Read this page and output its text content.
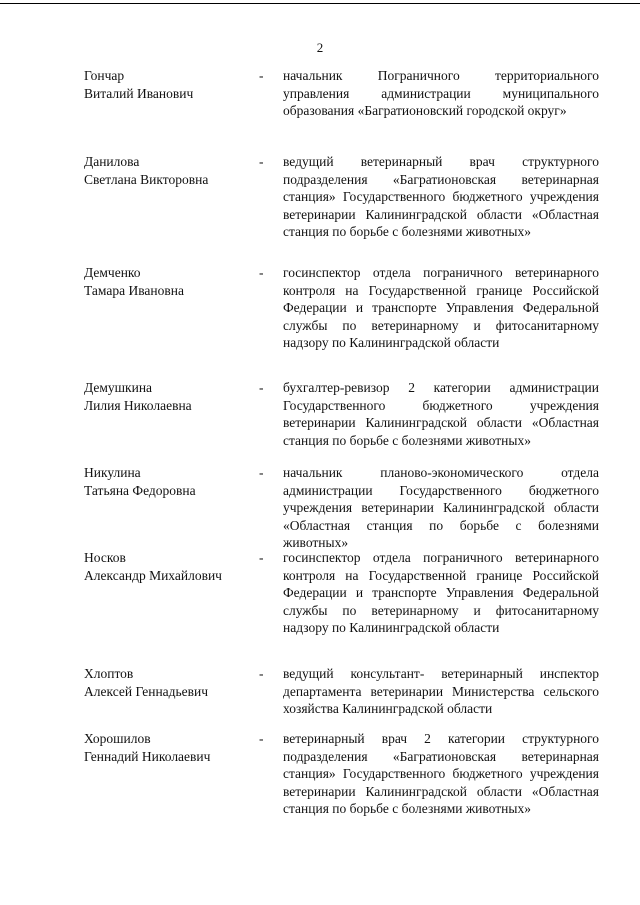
2
Гончар
Виталий Иванович
- начальник Пограничного территориального управления администрации муниципального образования «Багратионовский городской округ»
Данилова
Светлана Викторовна
- ведущий ветеринарный врач структурного подразделения «Багратионовская ветеринарная станция» Государственного бюджетного учреждения ветеринарии Калининградской области «Областная станция по борьбе с болезнями животных»
Демченко
Тамара Ивановна
- госинспектор отдела пограничного ветеринарного контроля на Государственной границе Российской Федерации и транспорте Управления Федеральной службы по ветеринарному и фитосанитарному надзору по Калининградской области
Демушкина
Лилия Николаевна
- бухгалтер-ревизор 2 категории администрации Государственного бюджетного учреждения ветеринарии Калининградской области «Областная станция по борьбе с болезнями животных»
Никулина
Татьяна Федоровна
- начальник планово-экономического отдела администрации Государственного бюджетного учреждения ветеринарии Калининградской области «Областная станция по борьбе с болезнями животных»
Носков
Александр Михайлович
- госинспектор отдела пограничного ветеринарного контроля на Государственной границе Российской Федерации и транспорте Управления Федеральной службы по ветеринарному и фитосанитарному надзору по Калининградской области
Хлоптов
Алексей Геннадьевич
- ведущий консультант- ветеринарный инспектор департамента ветеринарии Министерства сельского хозяйства Калининградской области
Хорошилов
Геннадий Николаевич
- ветеринарный врач 2 категории структурного подразделения «Багратионовская ветеринарная станция» Государственного бюджетного учреждения ветеринарии Калининградской области «Областная станция по борьбе с болезнями животных»
